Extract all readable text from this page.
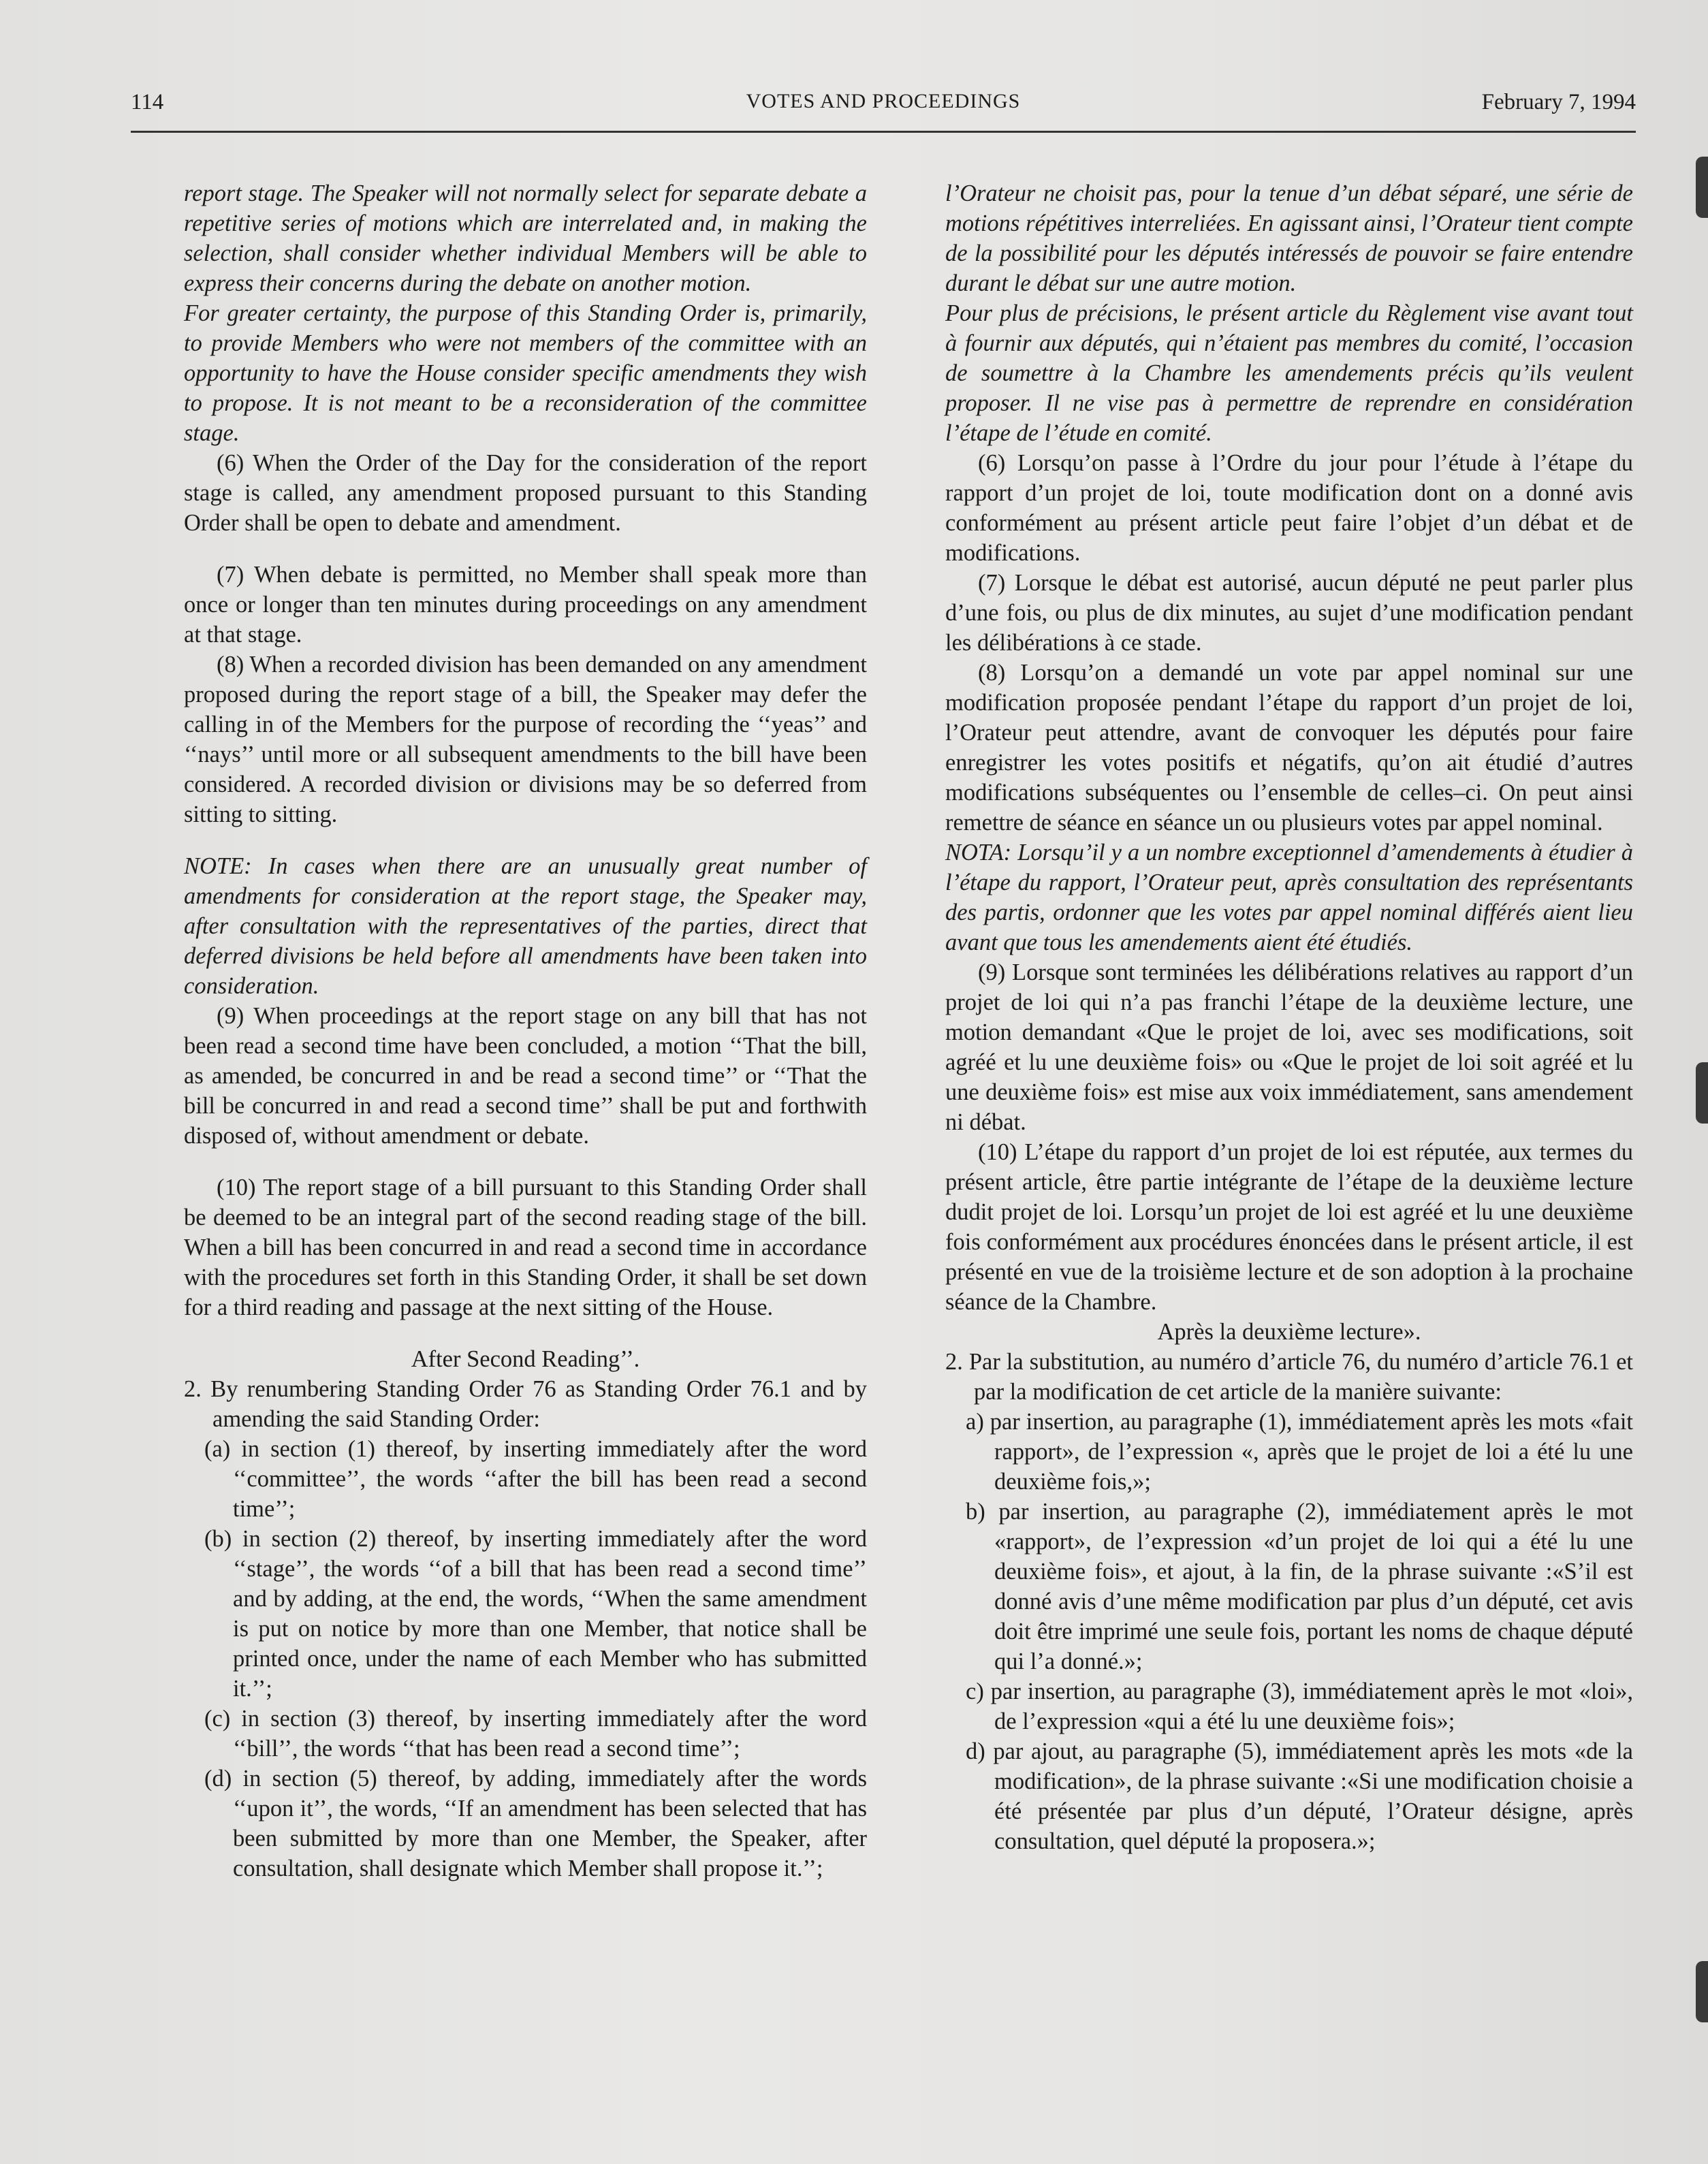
114	VOTES AND PROCEEDINGS	February 7, 1994

report stage. The Speaker will not normally select for separate debate a repetitive series of motions which are interrelated and, in making the selection, shall consider whether individual Members will be able to express their concerns during the debate on another motion.

For greater certainty, the purpose of this Standing Order is, primarily, to provide Members who were not members of the committee with an opportunity to have the House consider specific amendments they wish to propose. It is not meant to be a reconsideration of the committee stage.

(6) When the Order of the Day for the consideration of the report stage is called, any amendment proposed pursuant to this Standing Order shall be open to debate and amendment.

(7) When debate is permitted, no Member shall speak more than once or longer than ten minutes during proceedings on any amendment at that stage.

(8) When a recorded division has been demanded on any amendment proposed during the report stage of a bill, the Speaker may defer the calling in of the Members for the purpose of recording the ‘‘yeas’’ and ‘‘nays’’ until more or all subsequent amendments to the bill have been considered. A recorded division or divisions may be so deferred from sitting to sitting.

NOTE: In cases when there are an unusually great number of amendments for consideration at the report stage, the Speaker may, after consultation with the representatives of the parties, direct that deferred divisions be held before all amendments have been taken into consideration.

(9) When proceedings at the report stage on any bill that has not been read a second time have been concluded, a motion ‘‘That the bill, as amended, be concurred in and be read a second time’’ or ‘‘That the bill be concurred in and read a second time’’ shall be put and forthwith disposed of, without amendment or debate.

(10) The report stage of a bill pursuant to this Standing Order shall be deemed to be an integral part of the second reading stage of the bill. When a bill has been concurred in and read a second time in accordance with the procedures set forth in this Standing Order, it shall be set down for a third reading and passage at the next sitting of the House.

After Second Reading’’.

2. By renumbering Standing Order 76 as Standing Order 76.1 and by amending the said Standing Order:

(a) in section (1) thereof, by inserting immediately after the word ‘‘committee’’, the words ‘‘after the bill has been read a second time’’;

(b) in section (2) thereof, by inserting immediately after the word ‘‘stage’’, the words ‘‘of a bill that has been read a second time’’ and by adding, at the end, the words, ‘‘When the same amendment is put on notice by more than one Member, that notice shall be printed once, under the name of each Member who has submitted it.’’;

(c) in section (3) thereof, by inserting immediately after the word ‘‘bill’’, the words ‘‘that has been read a second time’’;

(d) in section (5) thereof, by adding, immediately after the words ‘‘upon it’’, the words, ‘‘If an amendment has been selected that has been submitted by more than one Member, the Speaker, after consultation, shall designate which Member shall propose it.’’;

l’Orateur ne choisit pas, pour la tenue d’un débat séparé, une série de motions répétitives interreliées. En agissant ainsi, l’Orateur tient compte de la possibilité pour les députés intéressés de pouvoir se faire entendre durant le débat sur une autre motion.

Pour plus de précisions, le présent article du Règlement vise avant tout à fournir aux députés, qui n’étaient pas membres du comité, l’occasion de soumettre à la Chambre les amendements précis qu’ils veulent proposer. Il ne vise pas à permettre de reprendre en considération l’étape de l’étude en comité.

(6) Lorsqu’on passe à l’Ordre du jour pour l’étude à l’étape du rapport d’un projet de loi, toute modification dont on a donné avis conformément au présent article peut faire l’objet d’un débat et de modifications.

(7) Lorsque le débat est autorisé, aucun député ne peut parler plus d’une fois, ou plus de dix minutes, au sujet d’une modification pendant les délibérations à ce stade.

(8) Lorsqu’on a demandé un vote par appel nominal sur une modification proposée pendant l’étape du rapport d’un projet de loi, l’Orateur peut attendre, avant de convoquer les députés pour faire enregistrer les votes positifs et négatifs, qu’on ait étudié d’autres modifications subséquentes ou l’ensemble de celles–ci. On peut ainsi remettre de séance en séance un ou plusieurs votes par appel nominal.

NOTA: Lorsqu’il y a un nombre exceptionnel d’amendements à étudier à l’étape du rapport, l’Orateur peut, après consultation des représentants des partis, ordonner que les votes par appel nominal différés aient lieu avant que tous les amendements aient été étudiés.

(9) Lorsque sont terminées les délibérations relatives au rapport d’un projet de loi qui n’a pas franchi l’étape de la deuxième lecture, une motion demandant «Que le projet de loi, avec ses modifications, soit agréé et lu une deuxième fois» ou «Que le projet de loi soit agréé et lu une deuxième fois» est mise aux voix immédiatement, sans amendement ni débat.

(10) L’étape du rapport d’un projet de loi est réputée, aux termes du présent article, être partie intégrante de l’étape de la deuxième lecture dudit projet de loi. Lorsqu’un projet de loi est agréé et lu une deuxième fois conformément aux procédures énoncées dans le présent article, il est présenté en vue de la troisième lecture et de son adoption à la prochaine séance de la Chambre.

Après la deuxième lecture».

2. Par la substitution, au numéro d’article 76, du numéro d’article 76.1 et par la modification de cet article de la manière suivante:

a) par insertion, au paragraphe (1), immédiatement après les mots «fait rapport», de l’expression «, après que le projet de loi a été lu une deuxième fois,»;

b) par insertion, au paragraphe (2), immédiatement après le mot «rapport», de l’expression «d’un projet de loi qui a été lu une deuxième fois», et ajout, à la fin, de la phrase suivante :«S’il est donné avis d’une même modification par plus d’un député, cet avis doit être imprimé une seule fois, portant les noms de chaque député qui l’a donné.»;

c) par insertion, au paragraphe (3), immédiatement après le mot «loi», de l’expression «qui a été lu une deuxième fois»;

d) par ajout, au paragraphe (5), immédiatement après les mots «de la modification», de la phrase suivante :«Si une modification choisie a été présentée par plus d’un député, l’Orateur désigne, après consultation, quel député la proposera.»;
